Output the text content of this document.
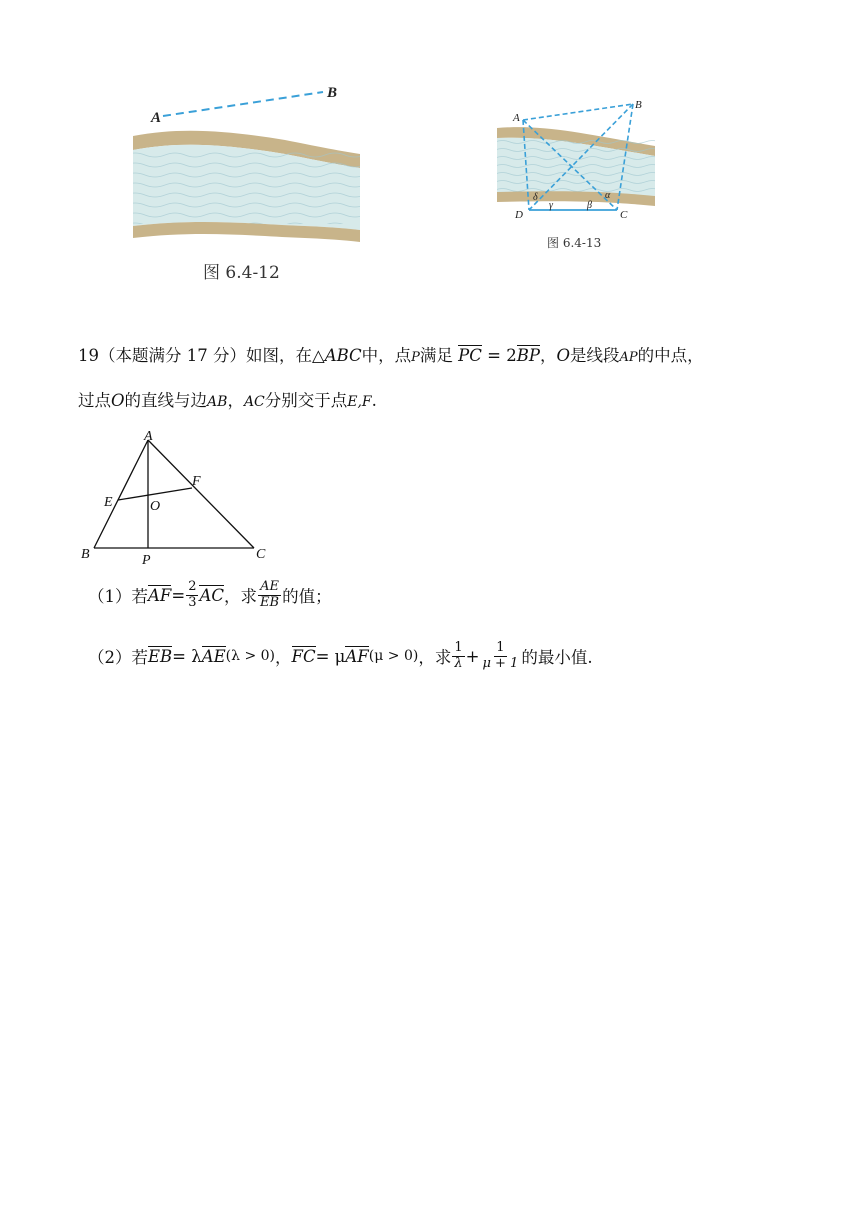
A
B
图 6.4-12
A
B
D	C
δ
γ	β
α
图 6.4-13
19（本题满分 17 分）如图，在△ABC中，点P满足 PC = 2BP，O是线段AP的中点，
过点O的直线与边AB，AC分别交于点E,F.
A
B	C
E
F
O
P
（1）若 AF = $\frac{2}{3}$ AC ，求 $\frac{AE}{EB}$ 的值；
（2）若 EB = λ AE (λ > 0) ， FC = μ AF (μ > 0) ，求 $\frac{1}{\lambda} + \frac{1}{\mu + 1}$ 的最小值.
